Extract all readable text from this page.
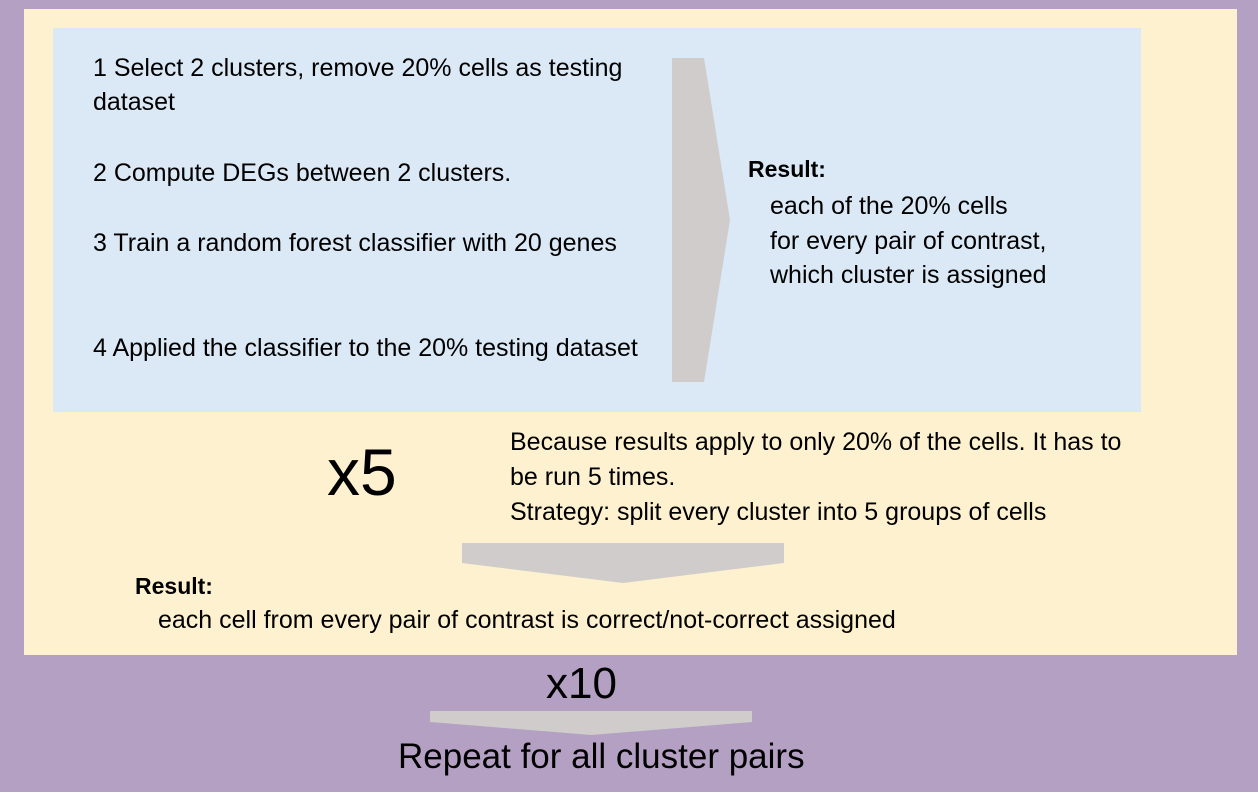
1 Select 2 clusters, remove 20% cells as testing dataset
2 Compute DEGs between 2 clusters.
3 Train a random forest classifier with 20 genes
4 Applied the classifier to the 20% testing dataset
Result:
each of the 20% cells
for every pair of contrast,
which cluster is assigned
x5	Because results apply to only 20% of the cells. It has to be run 5 times.
Strategy: split every cluster into 5 groups of cells
Result:
each cell from every pair of contrast is correct/not-correct assigned
x10
Repeat for all cluster pairs
